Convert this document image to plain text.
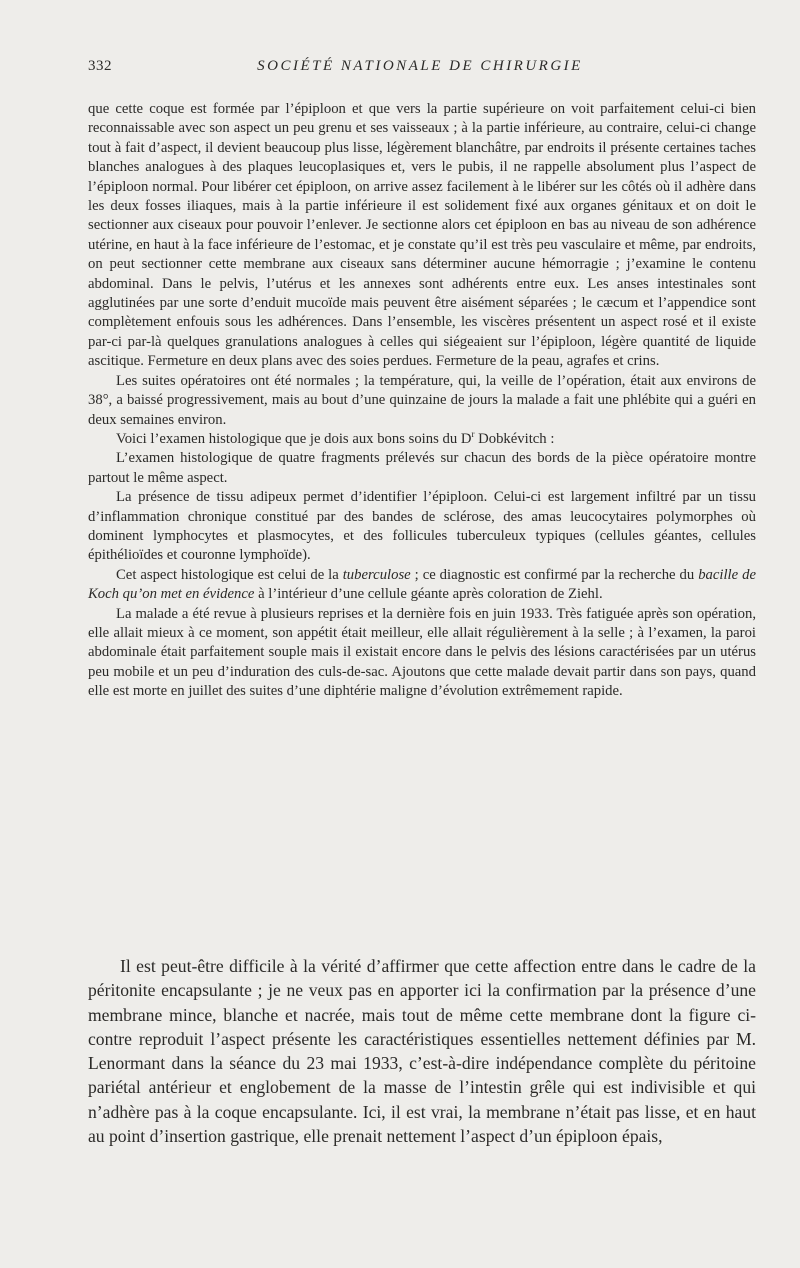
332	SOCIÉTÉ NATIONALE DE CHIRURGIE

que cette coque est formée par l’épiploon et que vers la partie supérieure on voit parfaitement celui-ci bien reconnaissable avec son aspect un peu grenu et ses vaisseaux ; à la partie inférieure, au contraire, celui-ci change tout à fait d’aspect, il devient beaucoup plus lisse, légèrement blanchâtre, par endroits il présente certaines taches blanches analogues à des plaques leucoplasiques et, vers le pubis, il ne rappelle absolument plus l’aspect de l’épiploon normal. Pour libérer cet épiploon, on arrive assez facilement à le libérer sur les côtés où il adhère dans les deux fosses iliaques, mais à la partie inférieure il est solidement fixé aux organes génitaux et on doit le sectionner aux ciseaux pour pouvoir l’enlever. Je sectionne alors cet épiploon en bas au niveau de son adhérence utérine, en haut à la face inférieure de l’estomac, et je constate qu’il est très peu vasculaire et même, par endroits, on peut sectionner cette membrane aux ciseaux sans déterminer aucune hémorragie ; j’examine le contenu abdominal. Dans le pelvis, l’utérus et les annexes sont adhérents entre eux. Les anses intestinales sont agglutinées par une sorte d’enduit mucoïde mais peuvent être aisément séparées ; le cæcum et l’appendice sont complètement enfouis sous les adhérences. Dans l’ensemble, les viscères présentent un aspect rosé et il existe par-ci par-là quelques granulations analogues à celles qui siégeaient sur l’épiploon, légère quantité de liquide ascitique. Fermeture en deux plans avec des soies perdues. Fermeture de la peau, agrafes et crins.

Les suites opératoires ont été normales ; la température, qui, la veille de l’opération, était aux environs de 38°, a baissé progressivement, mais au bout d’une quinzaine de jours la malade a fait une phlébite qui a guéri en deux semaines environ.

Voici l’examen histologique que je dois aux bons soins du $D^r$ Dobkévitch :

L’examen histologique de quatre fragments prélevés sur chacun des bords de la pièce opératoire montre partout le même aspect.

La présence de tissu adipeux permet d’identifier l’épiploon. Celui-ci est largement infiltré par un tissu d’inflammation chronique constitué par des bandes de sclérose, des amas leucocytaires polymorphes où dominent lymphocytes et plasmocytes, et des follicules tuberculeux typiques (cellules géantes, cellules épithélioïdes et couronne lymphoïde).

Cet aspect histologique est celui de la tuberculose ; ce diagnostic est confirmé par la recherche du bacille de Koch qu’on met en évidence à l’intérieur d’une cellule géante après coloration de Ziehl.

La malade a été revue à plusieurs reprises et la dernière fois en juin 1933. Très fatiguée après son opération, elle allait mieux à ce moment, son appétit était meilleur, elle allait régulièrement à la selle ; à l’examen, la paroi abdominale était parfaitement souple mais il existait encore dans le pelvis des lésions caractérisées par un utérus peu mobile et un peu d’induration des culs-de-sac. Ajoutons que cette malade devait partir dans son pays, quand elle est morte en juillet des suites d’une diphtérie maligne d’évolution extrêmement rapide.

Il est peut-être difficile à la vérité d’affirmer que cette affection entre dans le cadre de la péritonite encapsulante ; je ne veux pas en apporter ici la confirmation par la présence d’une membrane mince, blanche et nacrée, mais tout de même cette membrane dont la figure ci-contre reproduit l’aspect présente les caractéristiques essentielles nettement définies par M. Lenormant dans la séance du 23 mai 1933, c’est-à-dire indépendance complète du péritoine pariétal antérieur et englobement de la masse de l’intestin grêle qui est indivisible et qui n’adhère pas à la coque encapsulante. Ici, il est vrai, la membrane n’était pas lisse, et en haut au point d’insertion gastrique, elle prenait nettement l’aspect d’un épiploon épais,
